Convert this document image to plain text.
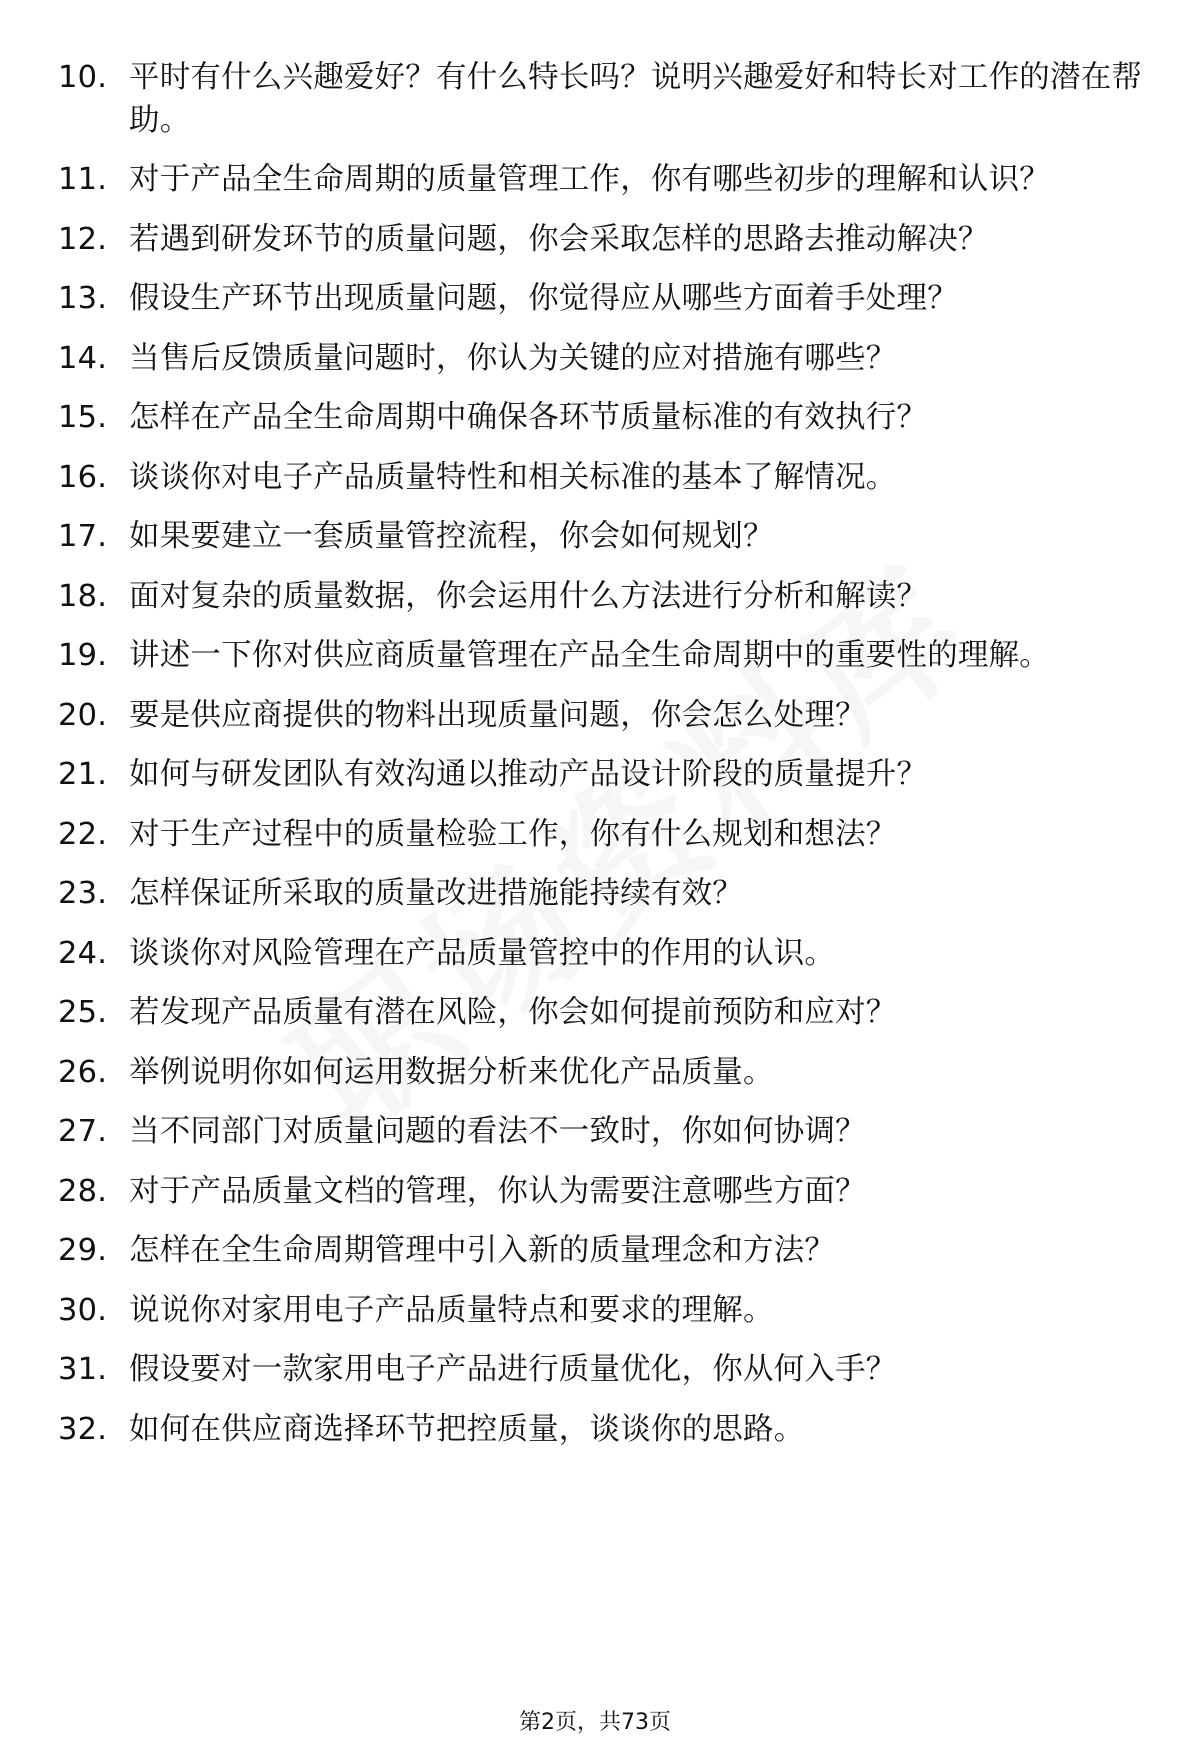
10. 平时有什么兴趣爱好？有什么特长吗？说明兴趣爱好和特长对工作的潜在帮助。
11. 对于产品全生命周期的质量管理工作，你有哪些初步的理解和认识？
12. 若遇到研发环节的质量问题，你会采取怎样的思路去推动解决？
13. 假设生产环节出现质量问题，你觉得应从哪些方面着手处理？
14. 当售后反馈质量问题时，你认为关键的应对措施有哪些？
15. 怎样在产品全生命周期中确保各环节质量标准的有效执行？
16. 谈谈你对电子产品质量特性和相关标准的基本了解情况。
17. 如果要建立一套质量管控流程，你会如何规划？
18. 面对复杂的质量数据，你会运用什么方法进行分析和解读？
19. 讲述一下你对供应商质量管理在产品全生命周期中的重要性的理解。
20. 要是供应商提供的物料出现质量问题，你会怎么处理？
21. 如何与研发团队有效沟通以推动产品设计阶段的质量提升？
22. 对于生产过程中的质量检验工作，你有什么规划和想法？
23. 怎样保证所采取的质量改进措施能持续有效？
24. 谈谈你对风险管理在产品质量管控中的作用的认识。
25. 若发现产品质量有潜在风险，你会如何提前预防和应对？
26. 举例说明你如何运用数据分析来优化产品质量。
27. 当不同部门对质量问题的看法不一致时，你如何协调？
28. 对于产品质量文档的管理，你认为需要注意哪些方面？
29. 怎样在全生命周期管理中引入新的质量理念和方法？
30. 说说你对家用电子产品质量特点和要求的理解。
31. 假设要对一款家用电子产品进行质量优化，你从何入手？
32. 如何在供应商选择环节把控质量，谈谈你的思路。
第2页，共73页
